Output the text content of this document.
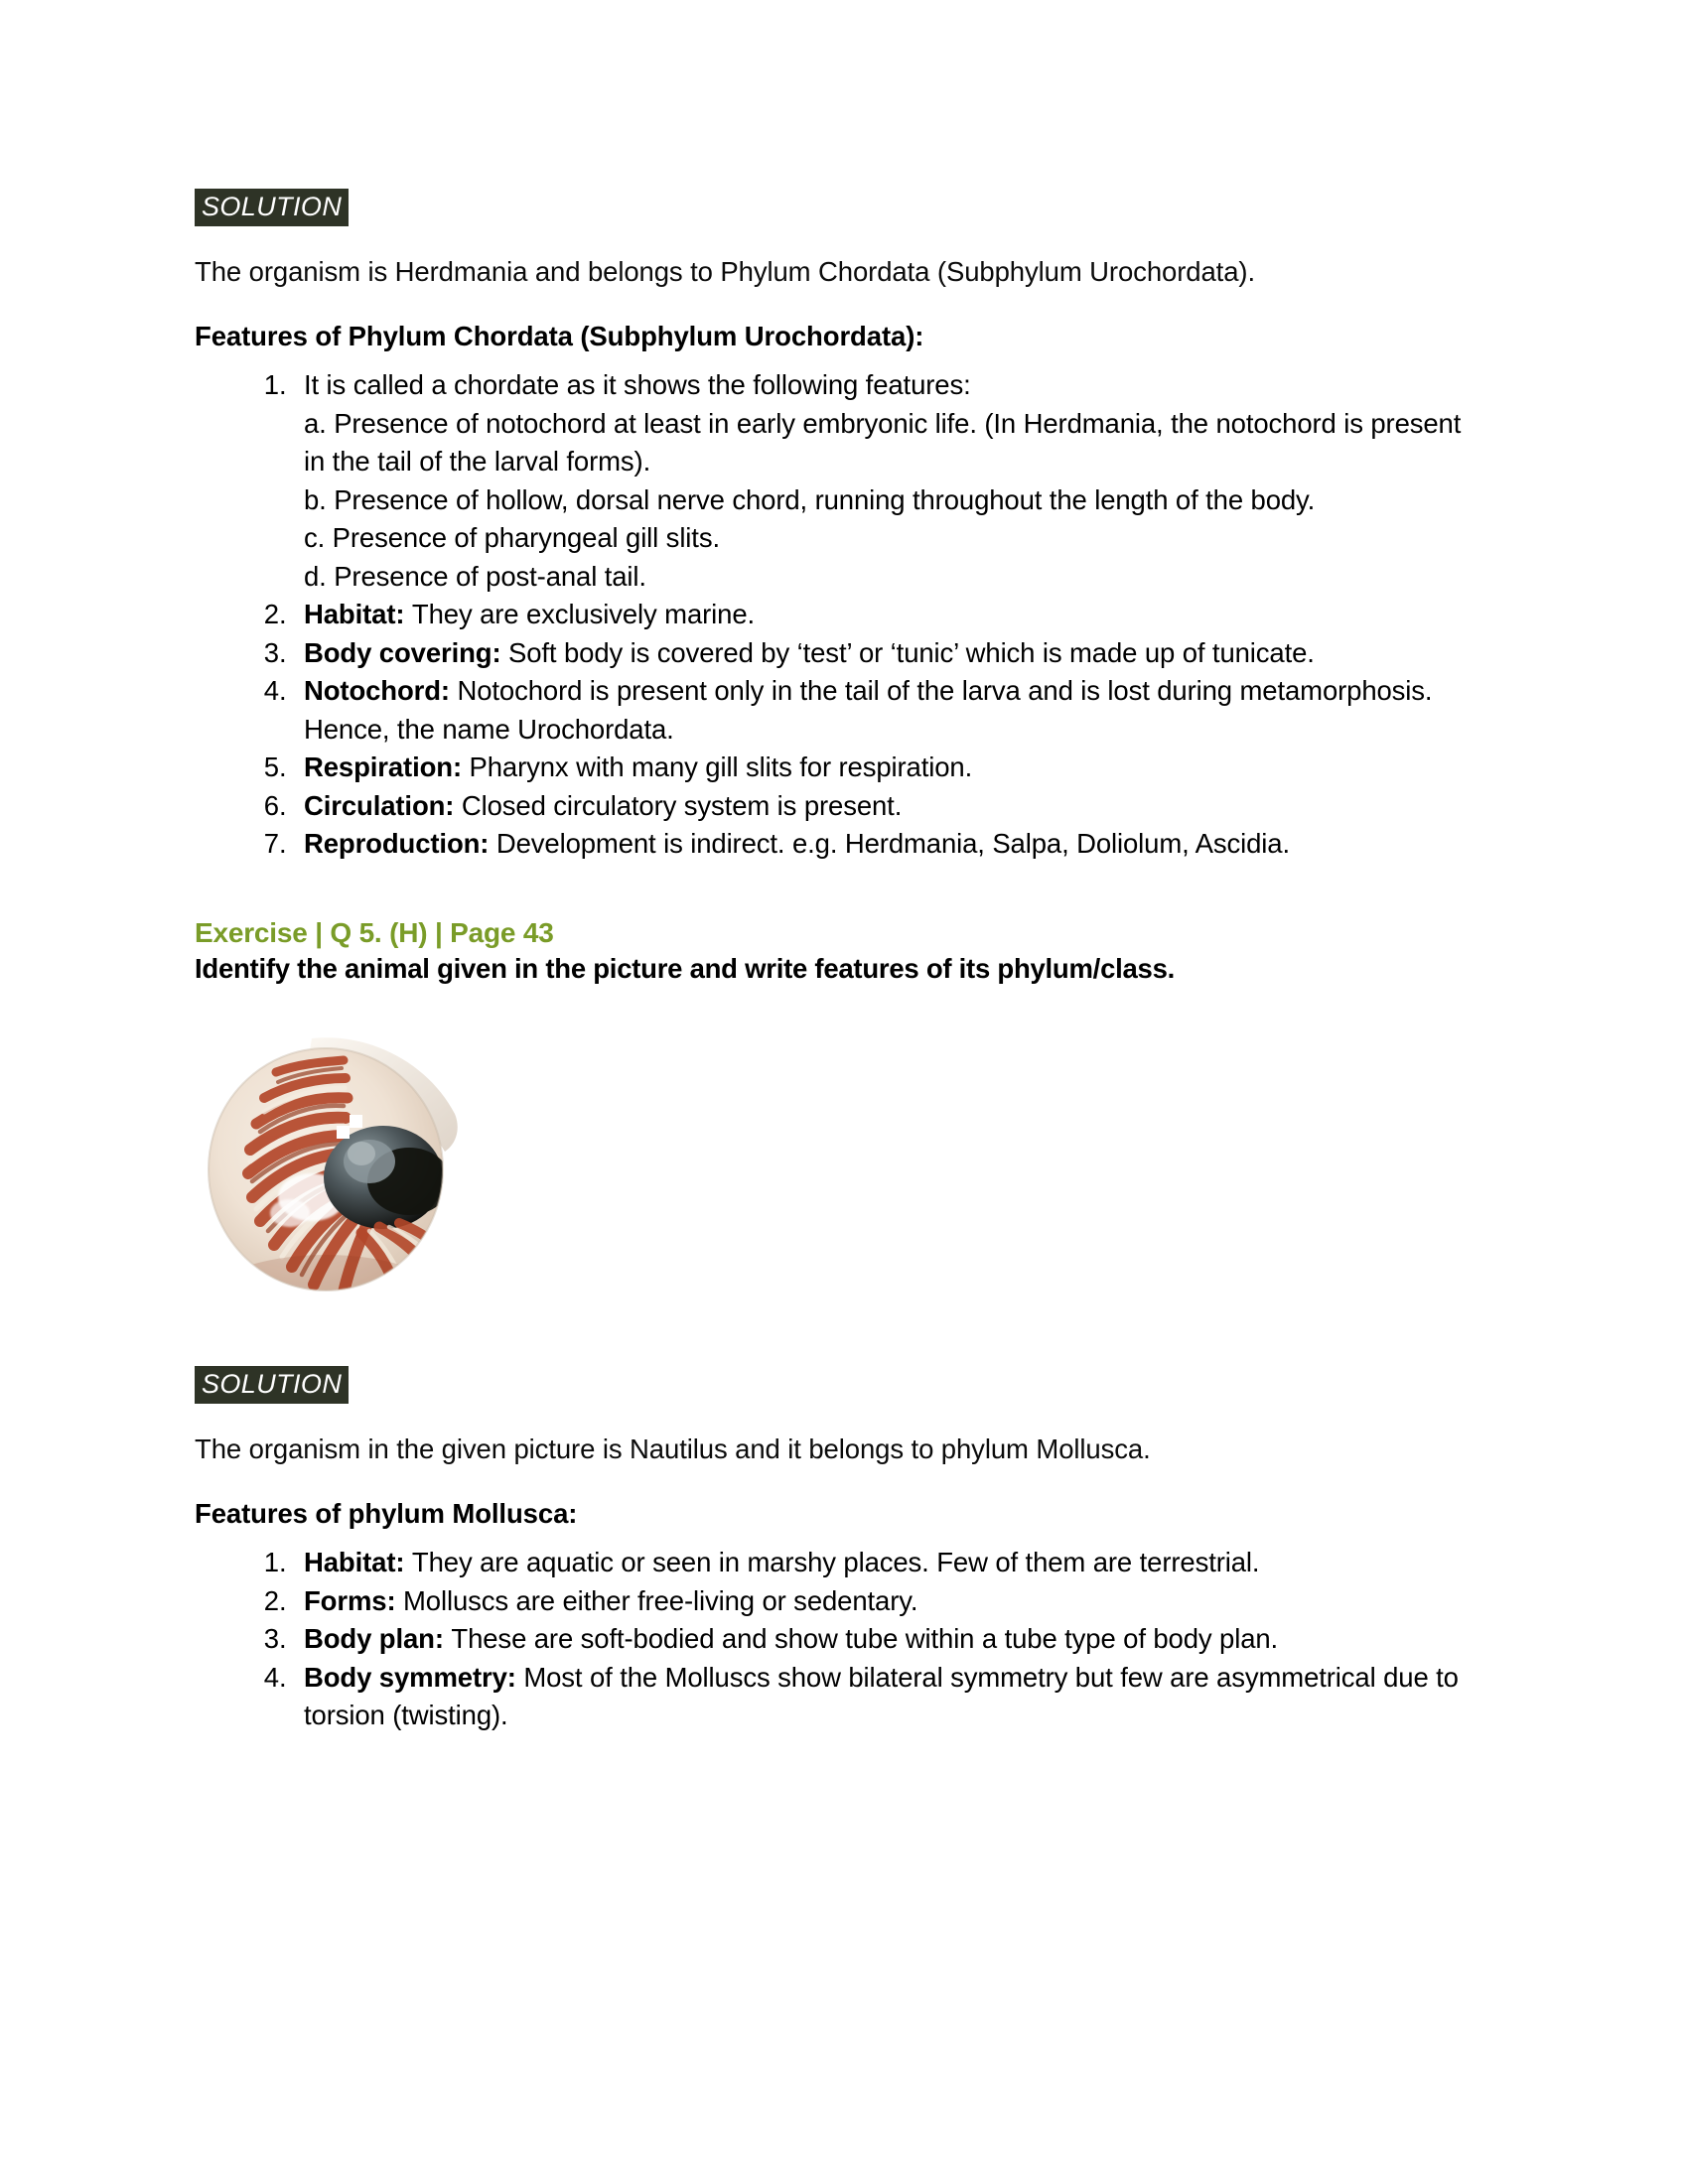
SOLUTION

The organism is Herdmania and belongs to Phylum Chordata (Subphylum Urochordata).

Features of Phylum Chordata (Subphylum Urochordata):

1. It is called a chordate as it shows the following features:
a. Presence of notochord at least in early embryonic life. (In Herdmania, the notochord is present in the tail of the larval forms).
b. Presence of hollow, dorsal nerve chord, running throughout the length of the body.
c. Presence of pharyngeal gill slits.
d. Presence of post-anal tail.
2. Habitat: They are exclusively marine.
3. Body covering: Soft body is covered by ‘test’ or ‘tunic’ which is made up of tunicate.
4. Notochord: Notochord is present only in the tail of the larva and is lost during metamorphosis. Hence, the name Urochordata.
5. Respiration: Pharynx with many gill slits for respiration.
6. Circulation: Closed circulatory system is present.
7. Reproduction: Development is indirect. e.g. Herdmania, Salpa, Doliolum, Ascidia.

Exercise | Q 5. (H) | Page 43

Identify the animal given in the picture and write features of its phylum/class.

SOLUTION

The organism in the given picture is Nautilus and it belongs to phylum Mollusca.

Features of phylum Mollusca:

1. Habitat: They are aquatic or seen in marshy places. Few of them are terrestrial.
2. Forms: Molluscs are either free-living or sedentary.
3. Body plan: These are soft-bodied and show tube within a tube type of body plan.
4. Body symmetry: Most of the Molluscs show bilateral symmetry but few are asymmetrical due to torsion (twisting).
